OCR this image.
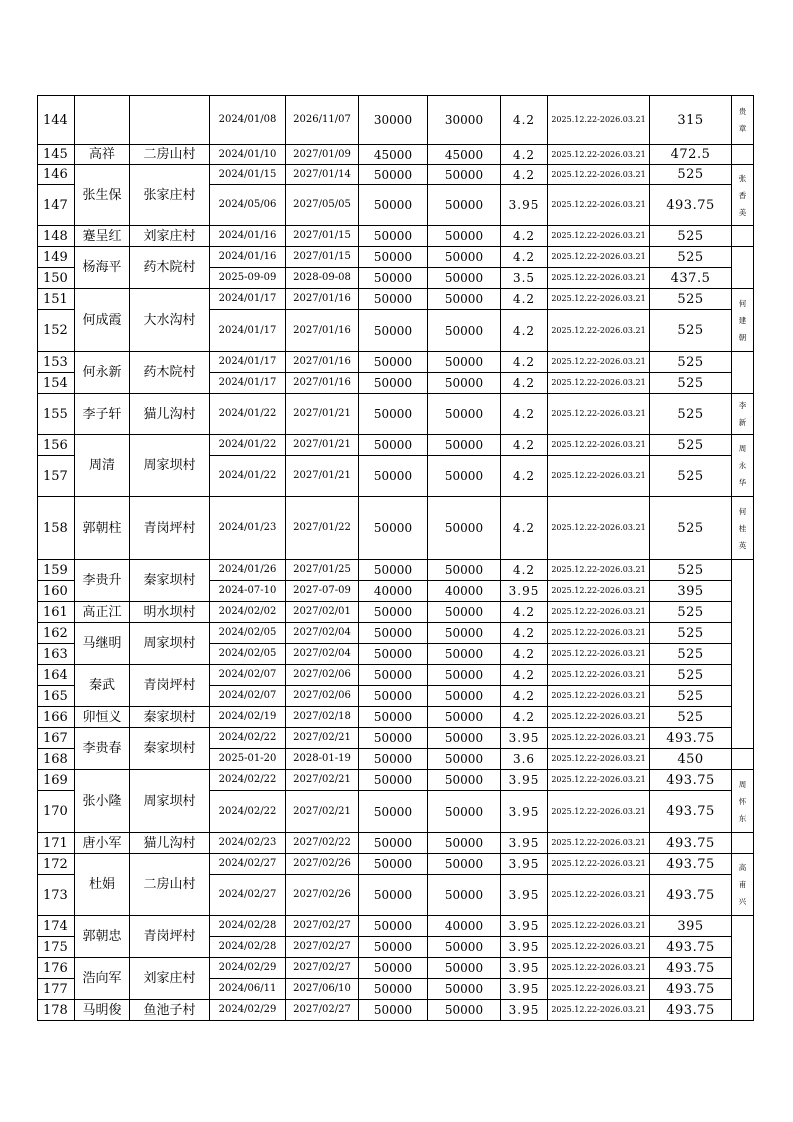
144			2024/01/08	2026/11/07	30000	30000	4.2	2025.12.22-2026.03.21	315	贵
章

145	高祥	二房山村	2024/01/10	2027/01/09	45000	45000	4.2	2025.12.22-2026.03.21	472.5	
146	张生保	张家庄村	2024/01/15	2027/01/14	50000	50000	4.2	2025.12.22-2026.03.21	525	张
香
美

147			2024/05/06	2027/05/05	50000	50000	3.95	2025.12.22-2026.03.21	493.75	
148	蹇呈红	刘家庄村	2024/01/16	2027/01/15	50000	50000	4.2	2025.12.22-2026.03.21	525	
149	杨海平	药木院村	2024/01/16	2027/01/15	50000	50000	4.2	2025.12.22-2026.03.21	525	
150			2025-09-09	2028-09-08	50000	50000	3.5	2025.12.22-2026.03.21	437.5	
151	何成霞	大水沟村	2024/01/17	2027/01/16	50000	50000	4.2	2025.12.22-2026.03.21	525	何
建
朝

152			2024/01/17	2027/01/16	50000	50000	4.2	2025.12.22-2026.03.21	525	
153	何永新	药木院村	2024/01/17	2027/01/16	50000	50000	4.2	2025.12.22-2026.03.21	525	
154			2024/01/17	2027/01/16	50000	50000	4.2	2025.12.22-2026.03.21	525	
155	李子轩	猫儿沟村	2024/01/22	2027/01/21	50000	50000	4.2	2025.12.22-2026.03.21	525	李
新

156	周清	周家坝村	2024/01/22	2027/01/21	50000	50000	4.2	2025.12.22-2026.03.21	525	周
永
华

157			2024/01/22	2027/01/21	50000	50000	4.2	2025.12.22-2026.03.21	525	
158	郭朝柱	青岗坪村	2024/01/23	2027/01/22	50000	50000	4.2	2025.12.22-2026.03.21	525	何
桂
英

159	李贵升	秦家坝村	2024/01/26	2027/01/25	50000	50000	4.2	2025.12.22-2026.03.21	525	
160			2024-07-10	2027-07-09	40000	40000	3.95	2025.12.22-2026.03.21	395	
161	高正江	明水坝村	2024/02/02	2027/02/01	50000	50000	4.2	2025.12.22-2026.03.21	525	
162	马继明	周家坝村	2024/02/05	2027/02/04	50000	50000	4.2	2025.12.22-2026.03.21	525	
163			2024/02/05	2027/02/04	50000	50000	4.2	2025.12.22-2026.03.21	525	
164	秦武	青岗坪村	2024/02/07	2027/02/06	50000	50000	4.2	2025.12.22-2026.03.21	525	
165			2024/02/07	2027/02/06	50000	50000	4.2	2025.12.22-2026.03.21	525	
166	卯恒义	秦家坝村	2024/02/19	2027/02/18	50000	50000	4.2	2025.12.22-2026.03.21	525	
167	李贵春	秦家坝村	2024/02/22	2027/02/21	50000	50000	3.95	2025.12.22-2026.03.21	493.75	
168			2025-01-20	2028-01-19	50000	50000	3.6	2025.12.22-2026.03.21	450	
169	张小隆	周家坝村	2024/02/22	2027/02/21	50000	50000	3.95	2025.12.22-2026.03.21	493.75	周
怀
东

170			2024/02/22	2027/02/21	50000	50000	3.95	2025.12.22-2026.03.21	493.75	
171	唐小军	猫儿沟村	2024/02/23	2027/02/22	50000	50000	3.95	2025.12.22-2026.03.21	493.75	
172	杜娟	二房山村	2024/02/27	2027/02/26	50000	50000	3.95	2025.12.22-2026.03.21	493.75	高
甫
兴

173			2024/02/27	2027/02/26	50000	50000	3.95	2025.12.22-2026.03.21	493.75	
174	郭朝忠	青岗坪村	2024/02/28	2027/02/27	50000	40000	3.95	2025.12.22-2026.03.21	395	
175			2024/02/28	2027/02/27	50000	50000	3.95	2025.12.22-2026.03.21	493.75	
176	浩向军	刘家庄村	2024/02/29	2027/02/27	50000	50000	3.95	2025.12.22-2026.03.21	493.75	
177			2024/06/11	2027/06/10	50000	50000	3.95	2025.12.22-2026.03.21	493.75	
178	马明俊	鱼池子村	2024/02/29	2027/02/27	50000	50000	3.95	2025.12.22-2026.03.21	493.75	
